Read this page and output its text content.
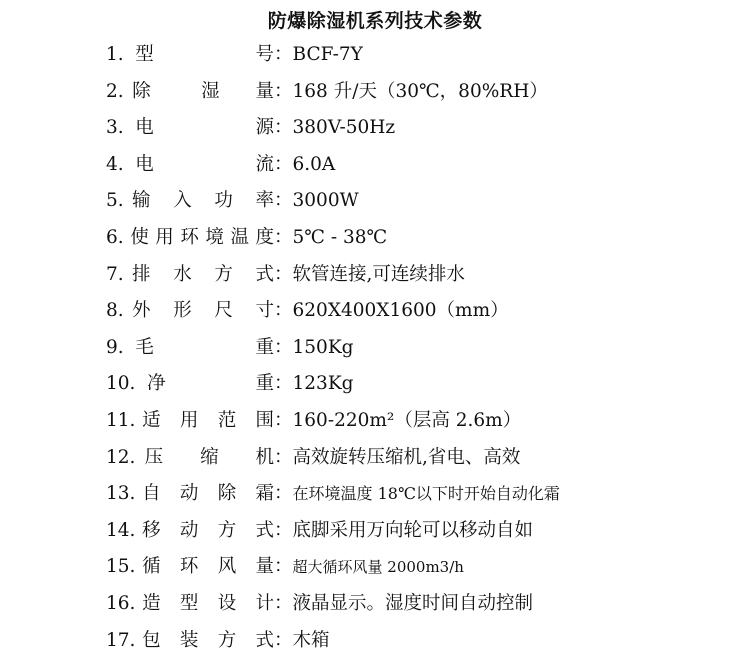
防爆除湿机系列技术参数
1.型　　　号 ： BCF-7Y
2.除　 湿　量 ： 168 升/天（30℃，80%RH）
3.电　　　源 ： 380V-50Hz
4.电　　　流 ： 6.0A
5.输 入 功 率 ： 3000W
6.使用环境温度 ： 5℃ - 38℃
7.排 水 方 式 ： 软管连接,可连续排水
8.外 形 尺 寸 ： 620X400X1600（mm）
9.毛　　　重 ： 150Kg
10.净　　 重 ： 123Kg
11.适 用 范 围 ： 160-220m²（层高 2.6m）
12.压　缩　机 ： 高效旋转压缩机,省电、高效
13.自 动 除 霜 ： 在环境温度 18℃以下时开始自动化霜
14.移 动 方 式 ： 底脚采用万向轮可以移动自如
15.循 环 风 量 ： 超大循环风量 2000m3/h
16.造 型 设 计 ： 液晶显示。湿度时间自动控制
17.包 装 方 式 ： 木箱
